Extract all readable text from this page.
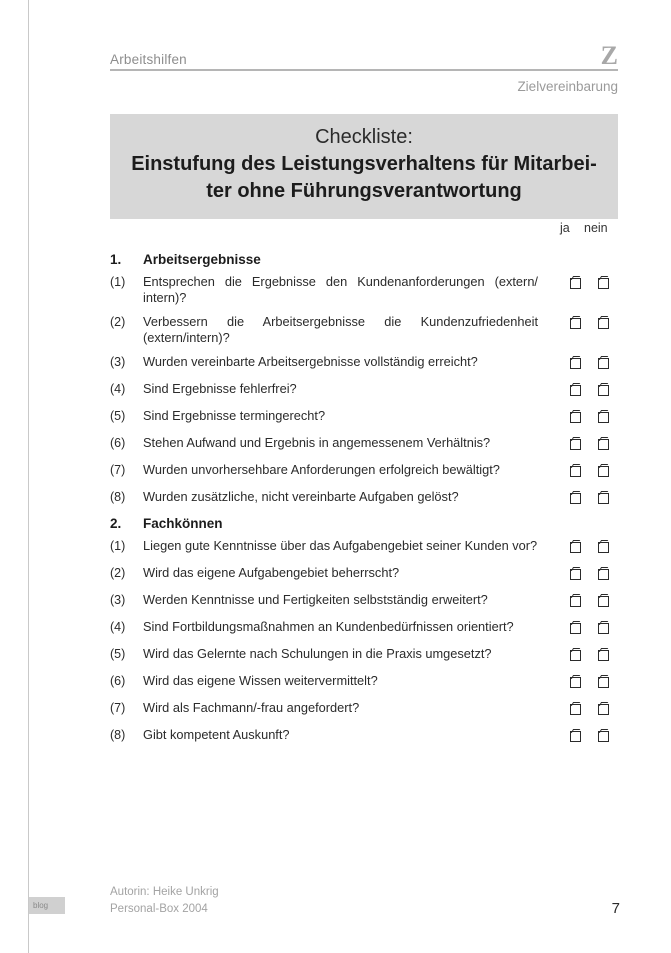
Arbeitshilfen	Z
Zielvereinbarung
Checkliste:
Einstufung des Leistungsverhaltens für Mitarbei-
ter ohne Führungsverantwortung
ja nein
1.	Arbeitsergebnisse
(1)	Entsprechen die Ergebnisse den Kundenanforderungen (extern/ intern)?
(2)	Verbessern die Arbeitsergebnisse die Kundenzufriedenheit (extern/intern)?
(3)	Wurden vereinbarte Arbeitsergebnisse vollständig erreicht?
(4)	Sind Ergebnisse fehlerfrei?
(5)	Sind Ergebnisse termingerecht?
(6)	Stehen Aufwand und Ergebnis in angemessenem Verhältnis?
(7)	Wurden unvorhersehbare Anforderungen erfolgreich bewältigt?
(8)	Wurden zusätzliche, nicht vereinbarte Aufgaben gelöst?
2.	Fachkönnen
(1)	Liegen gute Kenntnisse über das Aufgabengebiet seiner Kunden vor?
(2)	Wird das eigene Aufgabengebiet beherrscht?
(3)	Werden Kenntnisse und Fertigkeiten selbstständig erweitert?
(4)	Sind Fortbildungsmaßnahmen an Kundenbedürfnissen orientiert?
(5)	Wird das Gelernte nach Schulungen in die Praxis umgesetzt?
(6)	Wird das eigene Wissen weitervermittelt?
(7)	Wird als Fachmann/-frau angefordert?
(8)	Gibt kompetent Auskunft?
Autorin: Heike Unkrig
Personal-Box 2004	7
blog
